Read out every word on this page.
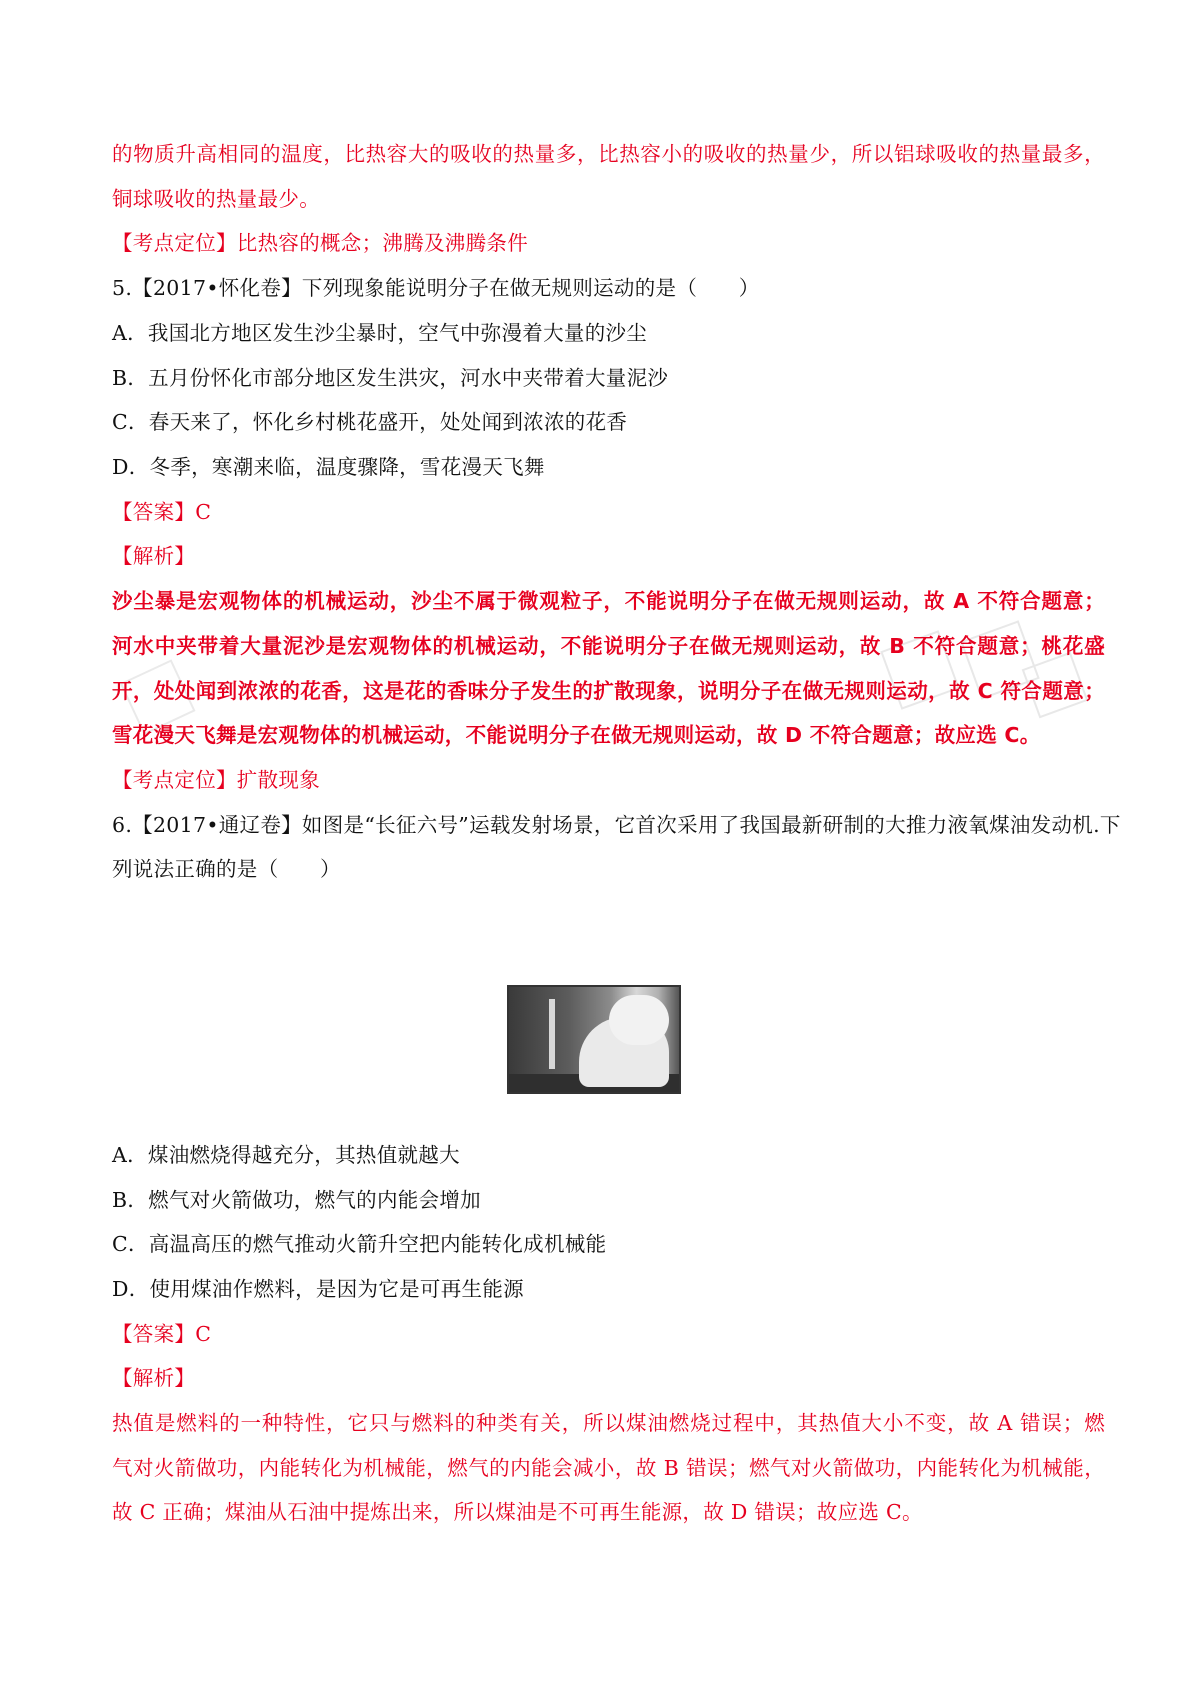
的物质升高相同的温度，比热容大的吸收的热量多，比热容小的吸收的热量少，所以铝球吸收的热量最多，
铜球吸收的热量最少。
【考点定位】比热容的概念；沸腾及沸腾条件
5.【2017•怀化卷】下列现象能说明分子在做无规则运动的是（　　）
A．我国北方地区发生沙尘暴时，空气中弥漫着大量的沙尘
B．五月份怀化市部分地区发生洪灾，河水中夹带着大量泥沙
C．春天来了，怀化乡村桃花盛开，处处闻到浓浓的花香
D．冬季，寒潮来临，温度骤降，雪花漫天飞舞
【答案】C
【解析】
沙尘暴是宏观物体的机械运动，沙尘不属于微观粒子，不能说明分子在做无规则运动，故 A 不符合题意；
河水中夹带着大量泥沙是宏观物体的机械运动，不能说明分子在做无规则运动，故 B 不符合题意；桃花盛
开，处处闻到浓浓的花香，这是花的香味分子发生的扩散现象，说明分子在做无规则运动，故 C 符合题意；
雪花漫天飞舞是宏观物体的机械运动，不能说明分子在做无规则运动，故 D 不符合题意；故应选 C。
【考点定位】扩散现象
6.【2017•通辽卷】如图是“长征六号”运载发射场景，它首次采用了我国最新研制的大推力液氧煤油发动机.下
列说法正确的是（　　）
A．煤油燃烧得越充分，其热值就越大
B．燃气对火箭做功，燃气的内能会增加
C．高温高压的燃气推动火箭升空把内能转化成机械能
D．使用煤油作燃料，是因为它是可再生能源
【答案】C
【解析】
热值是燃料的一种特性，它只与燃料的种类有关，所以煤油燃烧过程中，其热值大小不变，故 A 错误；燃
气对火箭做功，内能转化为机械能，燃气的内能会减小，故 B 错误；燃气对火箭做功，内能转化为机械能，
故 C 正确；煤油从石油中提炼出来，所以煤油是不可再生能源，故 D 错误；故应选 C。
